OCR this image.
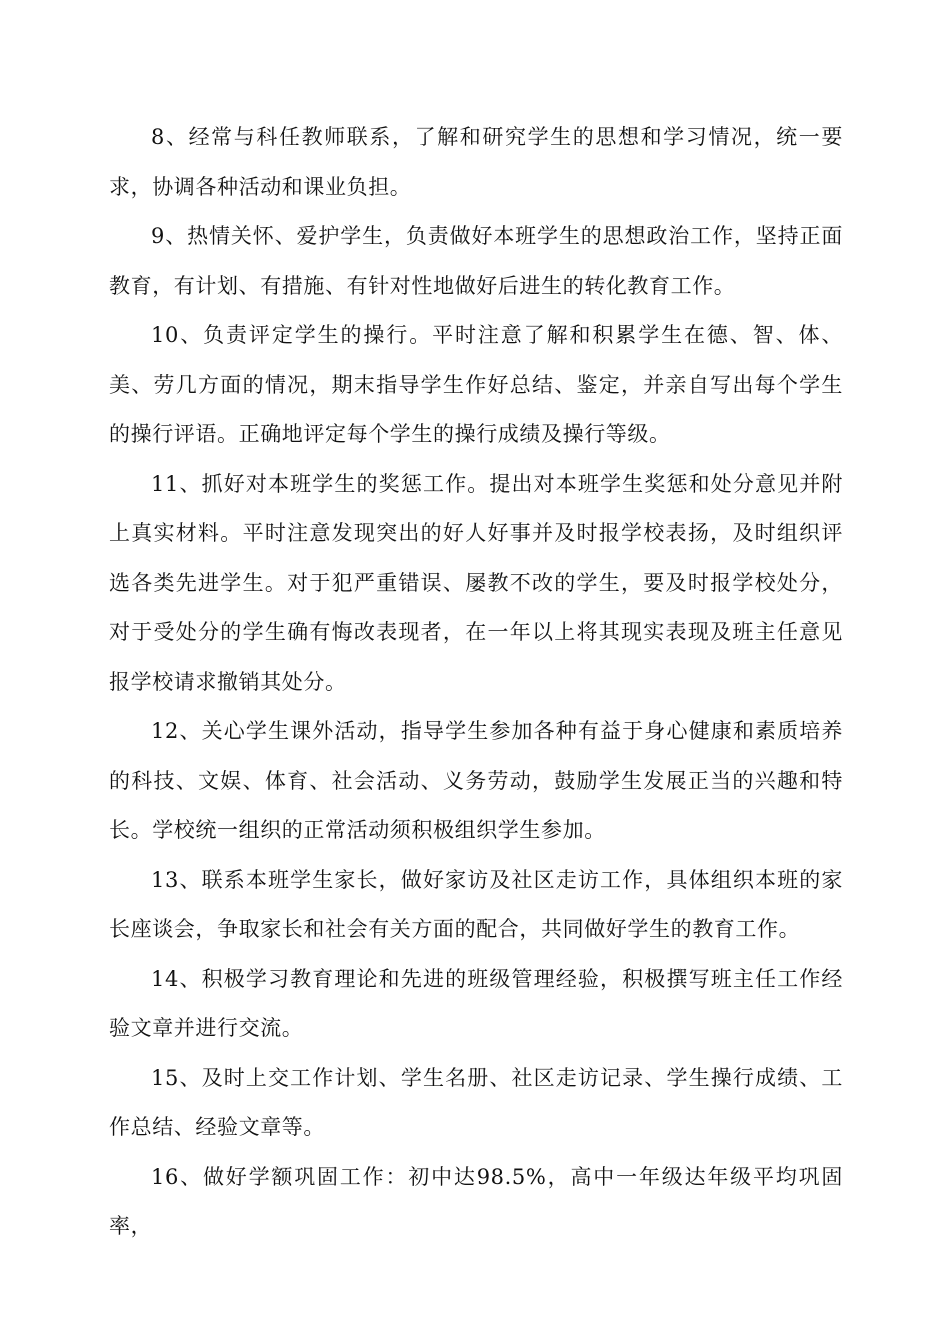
8、经常与科任教师联系，了解和研究学生的思想和学习情况，统一要求，协调各种活动和课业负担。

9、热情关怀、爱护学生，负责做好本班学生的思想政治工作，坚持正面教育，有计划、有措施、有针对性地做好后进生的转化教育工作。

10、负责评定学生的操行。平时注意了解和积累学生在德、智、体、美、劳几方面的情况，期末指导学生作好总结、鉴定，并亲自写出每个学生的操行评语。正确地评定每个学生的操行成绩及操行等级。

11、抓好对本班学生的奖惩工作。提出对本班学生奖惩和处分意见并附上真实材料。平时注意发现突出的好人好事并及时报学校表扬，及时组织评选各类先进学生。对于犯严重错误、屡教不改的学生，要及时报学校处分，对于受处分的学生确有悔改表现者，在一年以上将其现实表现及班主任意见报学校请求撤销其处分。

12、关心学生课外活动，指导学生参加各种有益于身心健康和素质培养的科技、文娱、体育、社会活动、义务劳动，鼓励学生发展正当的兴趣和特长。学校统一组织的正常活动须积极组织学生参加。

13、联系本班学生家长，做好家访及社区走访工作，具体组织本班的家长座谈会，争取家长和社会有关方面的配合，共同做好学生的教育工作。

14、积极学习教育理论和先进的班级管理经验，积极撰写班主任工作经验文章并进行交流。

15、及时上交工作计划、学生名册、社区走访记录、学生操行成绩、工作总结、经验文章等。

16、做好学额巩固工作：初中达98.5%，高中一年级达年级平均巩固率，
